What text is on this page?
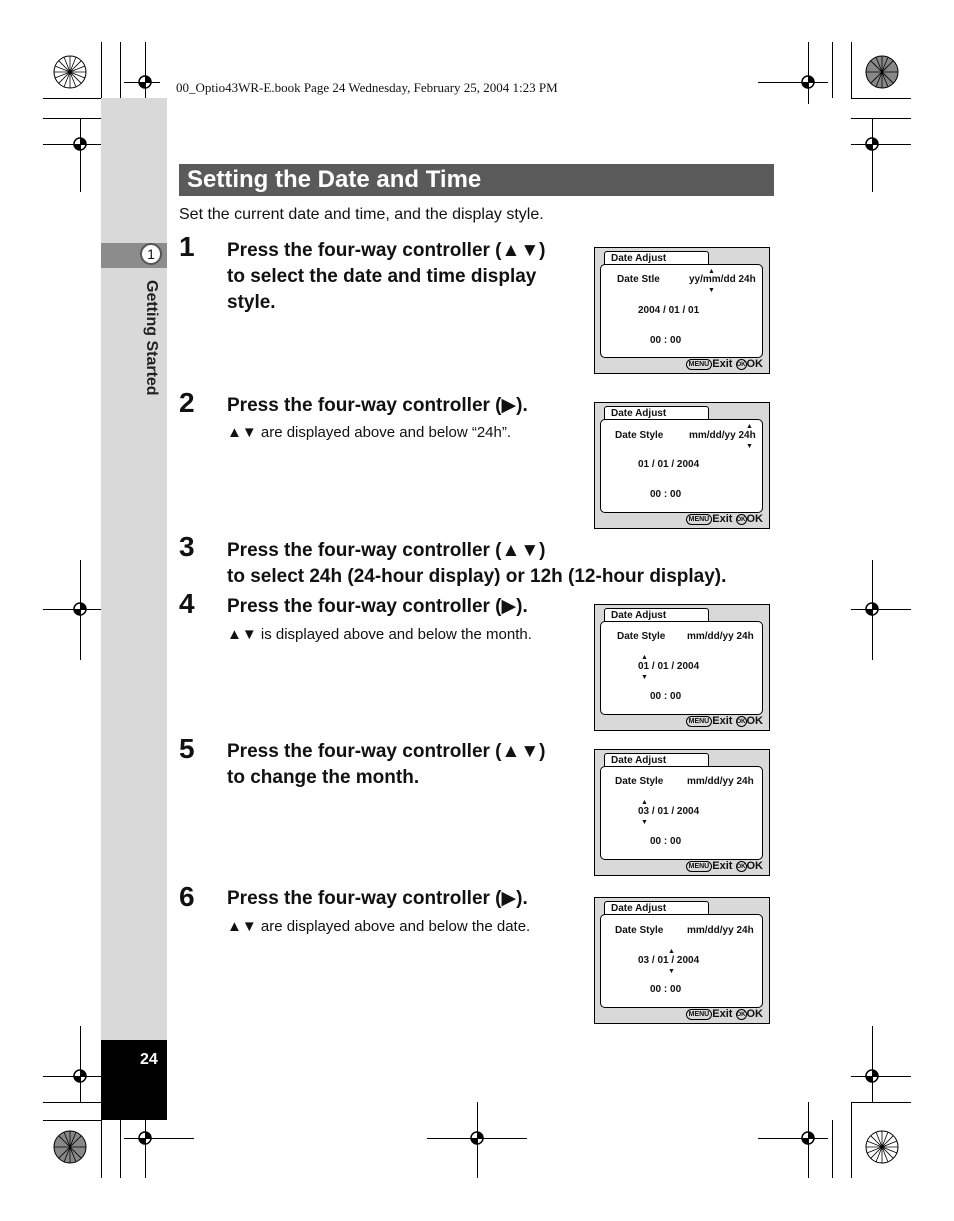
00_Optio43WR-E.book Page 24 Wednesday, February 25, 2004 1:23 PM
1
Getting Started
24
Setting the Date and Time
Set the current date and time, and the display style.
1 Press the four-way controller (▲▼)
to select the date and time display
style.
2 Press the four-way controller (▶).
▲▼ are displayed above and below “24h”.
3 Press the four-way controller (▲▼)
to select 24h (24-hour display) or 12h (12-hour display).
4 Press the four-way controller (▶).
▲▼ is displayed above and below the month.
5 Press the four-way controller (▲▼)
to change the month.
6 Press the four-way controller (▶).
▲▼ are displayed above and below the date.
Date Adjust
Date Stle	yy/mm/dd 24h
▲
▼
2004 / 01 / 01
00 : 00
MENU Exit OKOK
Date Adjust
Date Style	mm/dd/yy 24h
▲
▼
01 / 01 / 2004
00 : 00
MENU Exit OKOK
Date Adjust
Date Style mm/dd/yy 24h
▲
▼
01 / 01 / 2004
00 : 00
MENU Exit OKOK
Date Adjust
Date Style mm/dd/yy 24h
▲
▼
03 / 01 / 2004
00 : 00
MENU Exit OKOK
Date Adjust
Date Style mm/dd/yy 24h
▲
▼
03 / 01 / 2004
00 : 00
MENU Exit OKOK
